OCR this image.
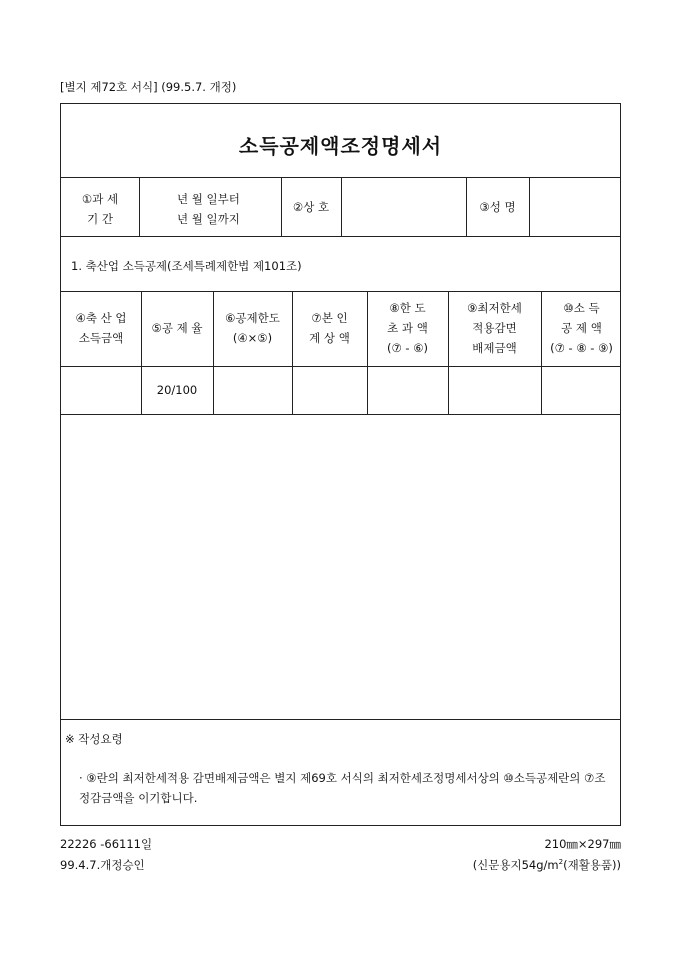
[별지 제72호 서식] (99.5.7. 개정)
소득공제액조정명세서
①과 세
기 간
년 월 일부터
년 월 일까지
②상 호	③성 명
1. 축산업 소득공제(조세특례제한법 제101조)
④축 산 업
소득금액
⑤공 제 율
⑥공제한도
(④×⑤)
⑦본 인
계 상 액
⑧한 도
초 과 액
(⑦ - ⑥)
⑨최저한세
적용감면
배제금액
⑩소 득
공 제 액
(⑦ - ⑧ - ⑨)
20/100
※ 작성요령
· ⑨란의 최저한세적용 감면배제금액은 별지 제69호 서식의 최저한세조정명세서상의 ⑩소득공제란의 ⑦조정감금액을 이기합니다.
22226 -66111일
99.4.7.개정승인
210㎜×297㎜
(신문용지$54g/m^2$(재활용품))
